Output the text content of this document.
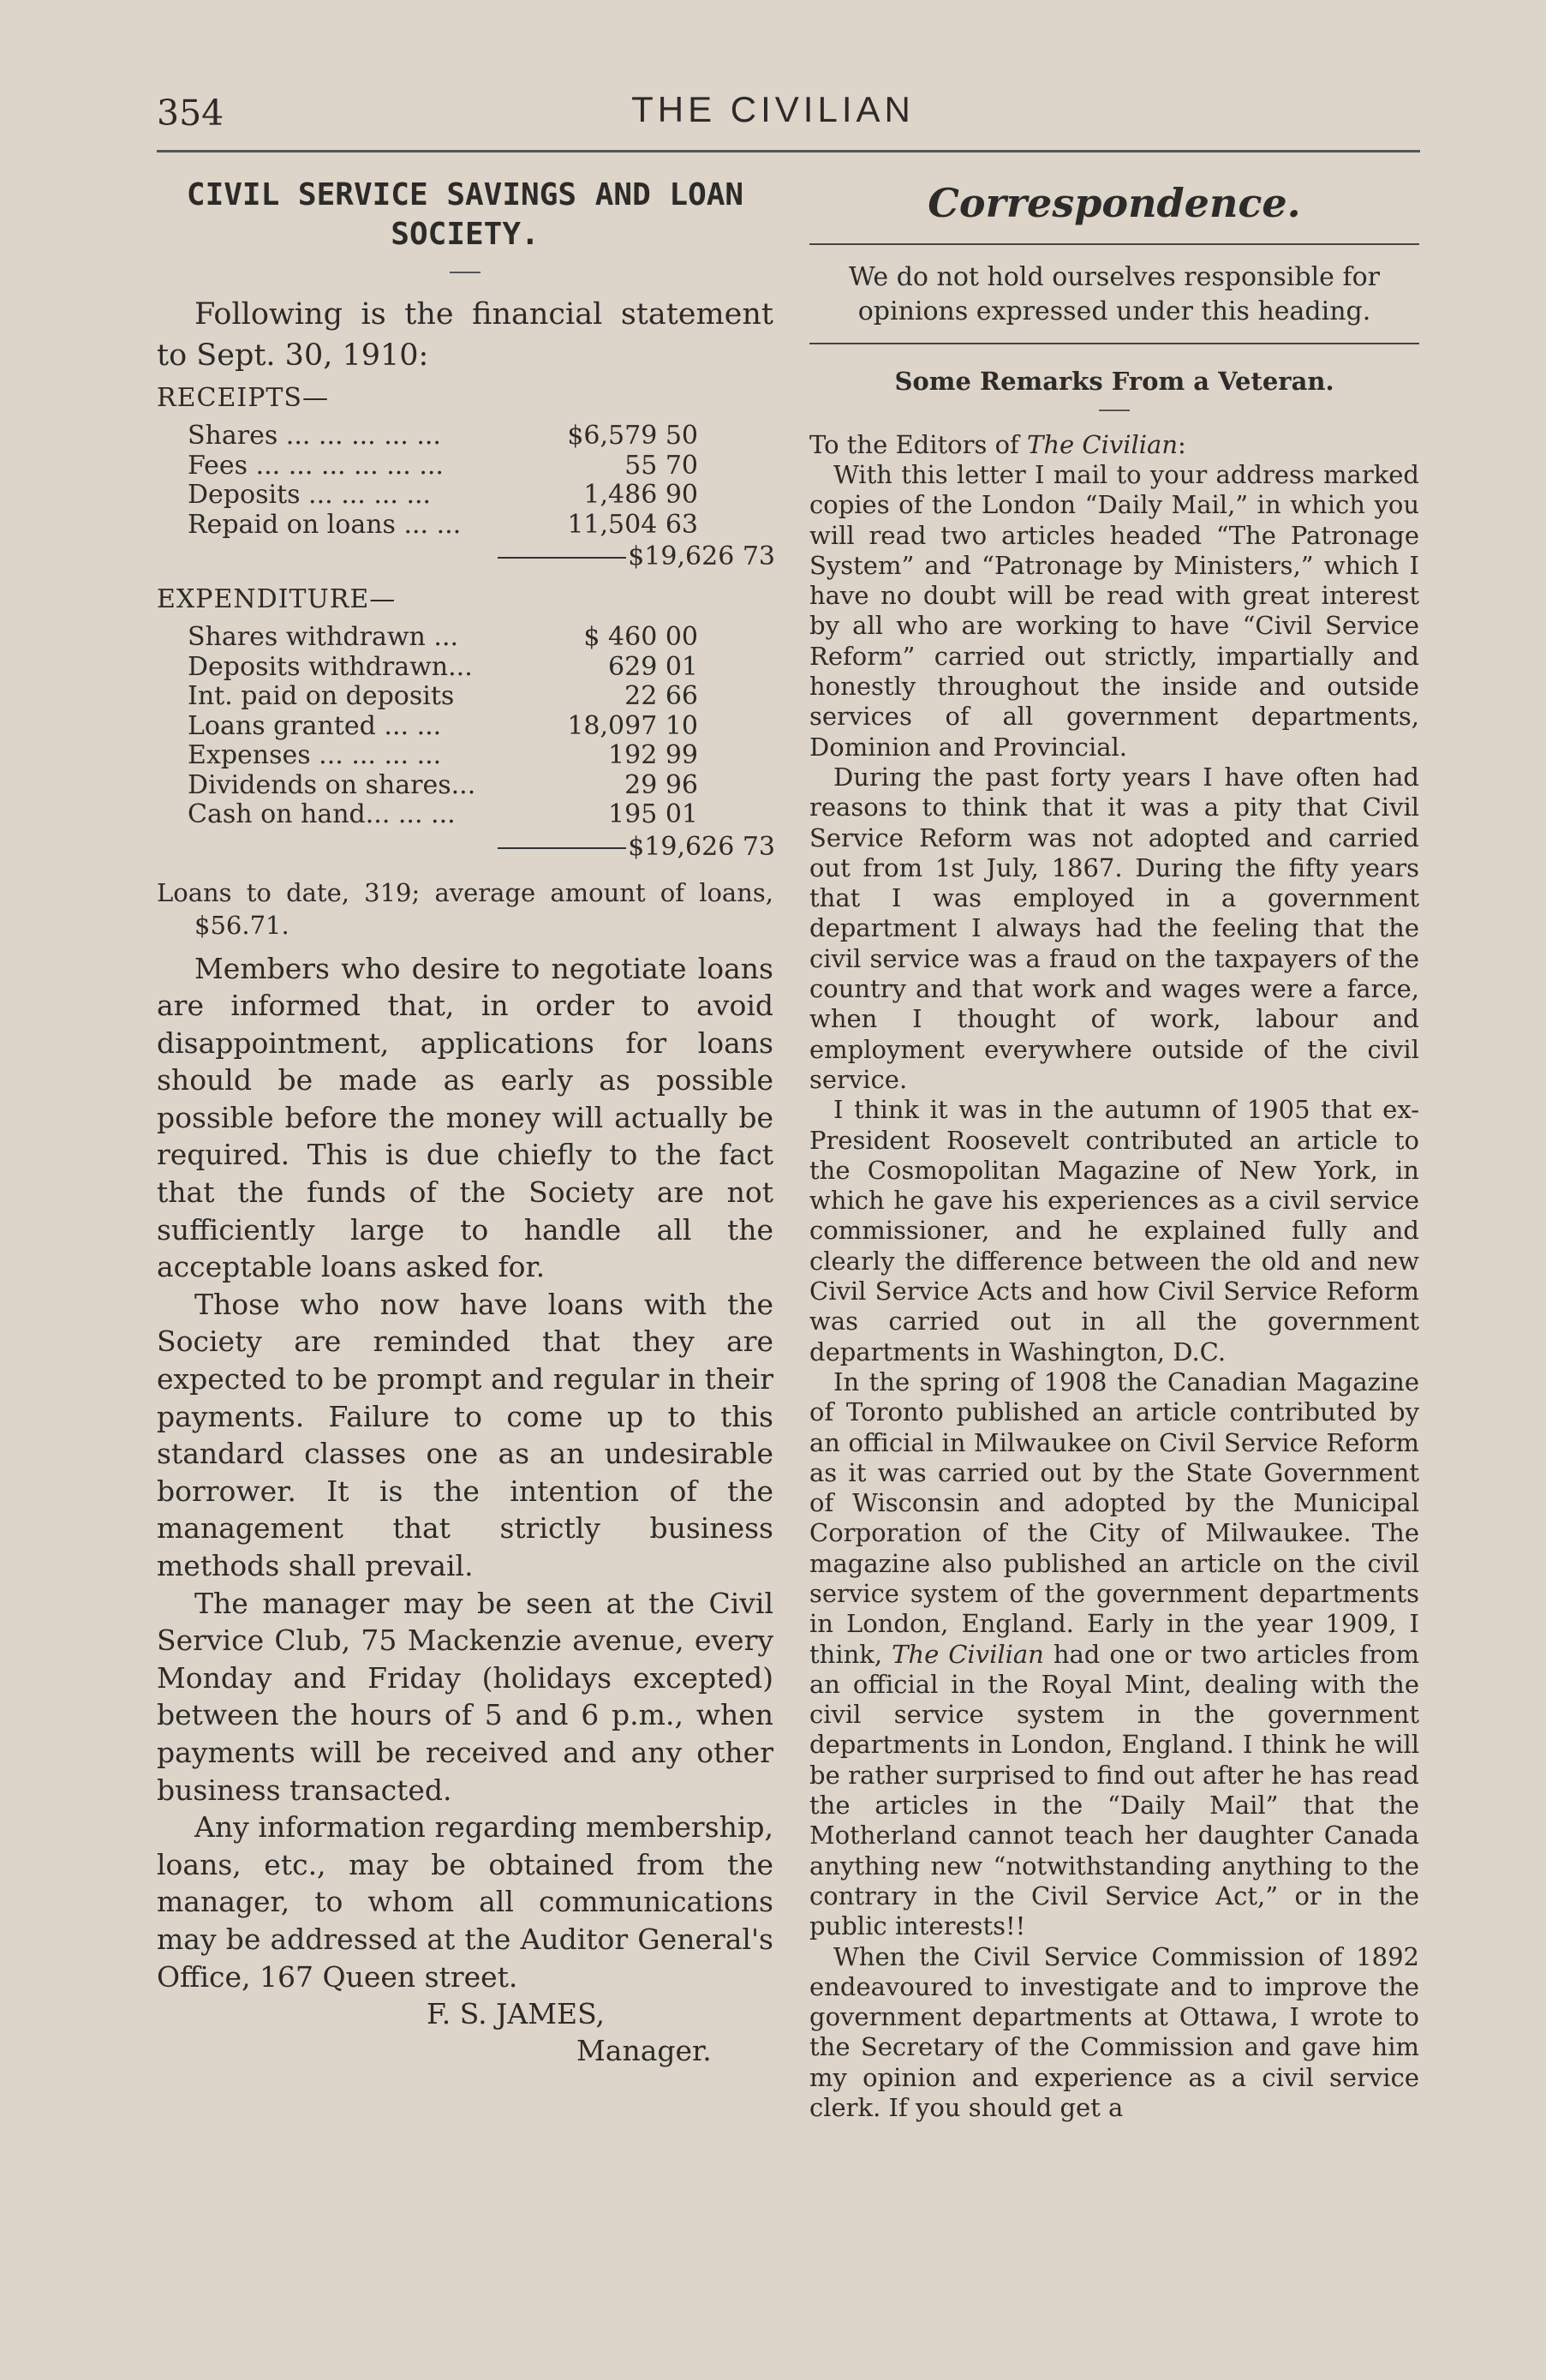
354	THE CIVILIAN
CIVIL SERVICE SAVINGS AND LOAN SOCIETY.

Following is the financial statement to Sept. 30, 1910:

RECEIPTS—
Shares ... ... ... ... ...	$6,579 50
Fees ... ... ... ... ... ...	55 70
Deposits ... ... ... ...	1,486 90
Repaid on loans ... ...	11,504 63
$19,626 73
EXPENDITURE—
Shares withdrawn ...	$ 460 00
Deposits withdrawn...	629 01
Int. paid on deposits	22 66
Loans granted ... ...	18,097 10
Expenses ... ... ... ...	192 99
Dividends on shares...	29 96
Cash on hand... ... ...	195 01
$19,626 73

Loans to date, 319; average amount of loans, $56.71.

Members who desire to negotiate loans are informed that, in order to avoid disappointment, applications for loans should be made as early as possible possible before the money will actually be required. This is due chiefly to the fact that the funds of the Society are not sufficiently large to handle all the acceptable loans asked for.

Those who now have loans with the Society are reminded that they are expected to be prompt and regular in their payments. Failure to come up to this standard classes one as an undesirable borrower. It is the intention of the management that strictly business methods shall prevail.

The manager may be seen at the Civil Service Club, 75 Mackenzie avenue, every Monday and Friday (holidays excepted) between the hours of 5 and 6 p.m., when payments will be received and any other business transacted.

Any information regarding membership, loans, etc., may be obtained from the manager, to whom all communications may be addressed at the Auditor General's Office, 167 Queen street.

F. S. JAMES,
Manager.
Correspondence.

We do not hold ourselves responsible for opinions expressed under this heading.

Some Remarks From a Veteran.

To the Editors of The Civilian:

With this letter I mail to your address marked copies of the London “Daily Mail,” in which you will read two articles headed “The Patronage System” and “Patronage by Ministers,” which I have no doubt will be read with great interest by all who are working to have “Civil Service Reform” carried out strictly, impartially and honestly throughout the inside and outside services of all government departments, Dominion and Provincial.

During the past forty years I have often had reasons to think that it was a pity that Civil Service Reform was not adopted and carried out from 1st July, 1867. During the fifty years that I was employed in a government department I always had the feeling that the civil service was a fraud on the taxpayers of the country and that work and wages were a farce, when I thought of work, labour and employment everywhere outside of the civil service.

I think it was in the autumn of 1905 that ex-President Roosevelt contributed an article to the Cosmopolitan Magazine of New York, in which he gave his experiences as a civil service commissioner, and he explained fully and clearly the difference between the old and new Civil Service Acts and how Civil Service Reform was carried out in all the government departments in Washington, D.C.

In the spring of 1908 the Canadian Magazine of Toronto published an article contributed by an official in Milwaukee on Civil Service Reform as it was carried out by the State Government of Wisconsin and adopted by the Municipal Corporation of the City of Milwaukee. The magazine also published an article on the civil service system of the government departments in London, England. Early in the year 1909, I think, The Civilian had one or two articles from an official in the Royal Mint, dealing with the civil service system in the government departments in London, England. I think he will be rather surprised to find out after he has read the articles in the “Daily Mail” that the Motherland cannot teach her daughter Canada anything new “notwithstanding anything to the contrary in the Civil Service Act,” or in the public interests!!

When the Civil Service Commission of 1892 endeavoured to investigate and to improve the government departments at Ottawa, I wrote to the Secretary of the Commission and gave him my opinion and experience as a civil service clerk. If you should get a
